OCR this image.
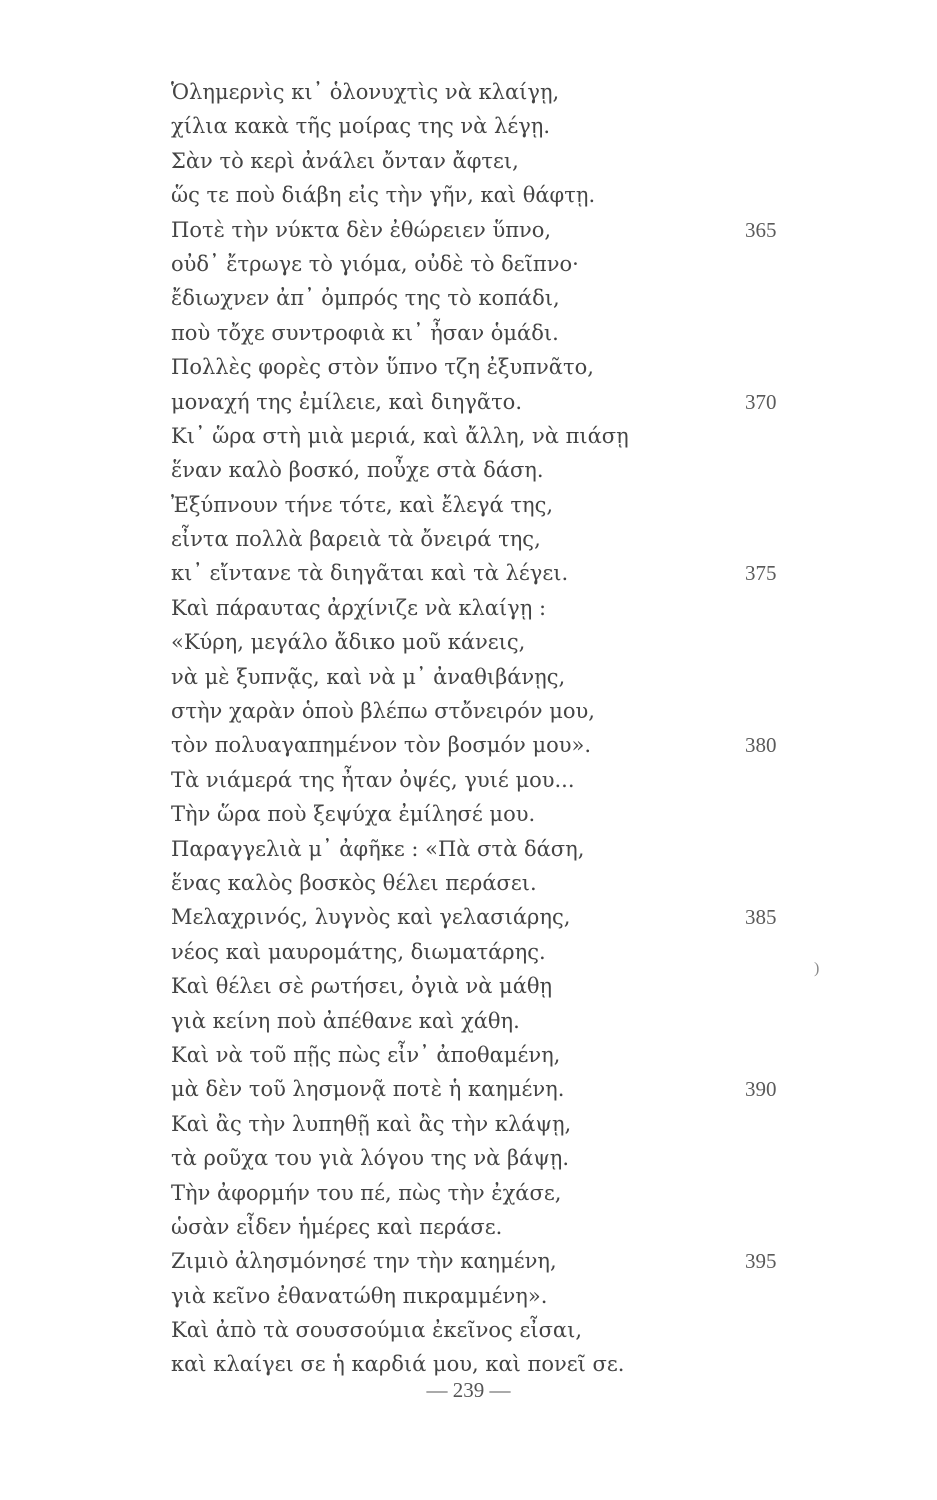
Ὁλημερνὶς κι᾽ ὁλονυχτὶς νὰ κλαίγῃ,
χίλια κακὰ τῆς μοίρας της νὰ λέγῃ.
Σὰν τὸ κερὶ ἀνάλει ὄνταν ἄφτει,
ὥς τε ποὺ διάβη εἰς τὴν γῆν, καὶ θάφτῃ.
Ποτὲ τὴν νύκτα δὲν ἐθώρειεν ὕπνο,	365
οὐδ᾽ ἔτρωγε τὸ γιόμα, οὐδὲ τὸ δεῖπνο·
ἔδιωχνεν ἀπ᾽ ὀμπρός της τὸ κοπάδι,
ποὺ τὄχε συντροφιὰ κι᾽ ἦσαν ὁμάδι.
Πολλὲς φορὲς στὸν ὕπνο τζη ἐξυπνᾶτο,
μοναχή της ἐμίλειε, καὶ διηγᾶτο.	370
Κι᾽ ὥρα στὴ μιὰ μεριά, καὶ ἄλλη, νὰ πιάσῃ
ἕναν καλὸ βοσκό, ποὖχε στὰ δάση.
Ἐξύπνουν τήνε τότε, καὶ ἔλεγά της,
εἶντα πολλὰ βαρειὰ τὰ ὄνειρά της,
κι᾽ εἴντανε τὰ διηγᾶται καὶ τὰ λέγει.	375
Καὶ πάραυτας ἀρχίνιζε νὰ κλαίγῃ :
«Κύρη, μεγάλο ἄδικο μοῦ κάνεις,
νὰ μὲ ξυπνᾷς, καὶ νὰ μ᾽ ἀναθιβάνῃς,
στὴν χαρὰν ὁποὺ βλέπω στὄνειρόν μου,
τὸν πολυαγαπημένον τὸν βοσμόν μου».	380
Τὰ νιάμερά της ἦταν ὀψές, γυιέ μου...
Τὴν ὥρα ποὺ ξεψύχα ἐμίλησέ μου.
Παραγγελιὰ μ᾽ ἀφῆκε : «Πὰ στὰ δάση,
ἕνας καλὸς βοσκὸς θέλει περάσει.
Μελαχρινός, λυγνὸς καὶ γελασιάρης,	385
νέος καὶ μαυρομάτης, διωματάρης.
Καὶ θέλει σὲ ρωτήσει, ὀγιὰ νὰ μάθῃ
γιὰ κείνη ποὺ ἀπέθανε καὶ χάθη.
Καὶ νὰ τοῦ πῇς πὼς εἶν᾽ ἀποθαμένη,
μὰ δὲν τοῦ λησμονᾷ ποτὲ ἡ καημένη.	390
Καὶ ἂς τὴν λυπηθῇ καὶ ἂς τὴν κλάψῃ,
τὰ ροῦχα του γιὰ λόγου της νὰ βάψῃ.
Τὴν ἀφορμήν του πέ, πὼς τὴν ἐχάσε,
ὡσὰν εἶδεν ἡμέρες καὶ περάσε.
Ζιμιὸ ἀλησμόνησέ την τὴν καημένη,	395
γιὰ κεῖνο ἐθανατώθη πικραμμένη».
Καὶ ἀπὸ τὰ σουσσούμια ἐκεῖνος εἶσαι,
καὶ κλαίγει σε ἡ καρδιά μου, καὶ πονεῖ σε.
)
— 239 —
